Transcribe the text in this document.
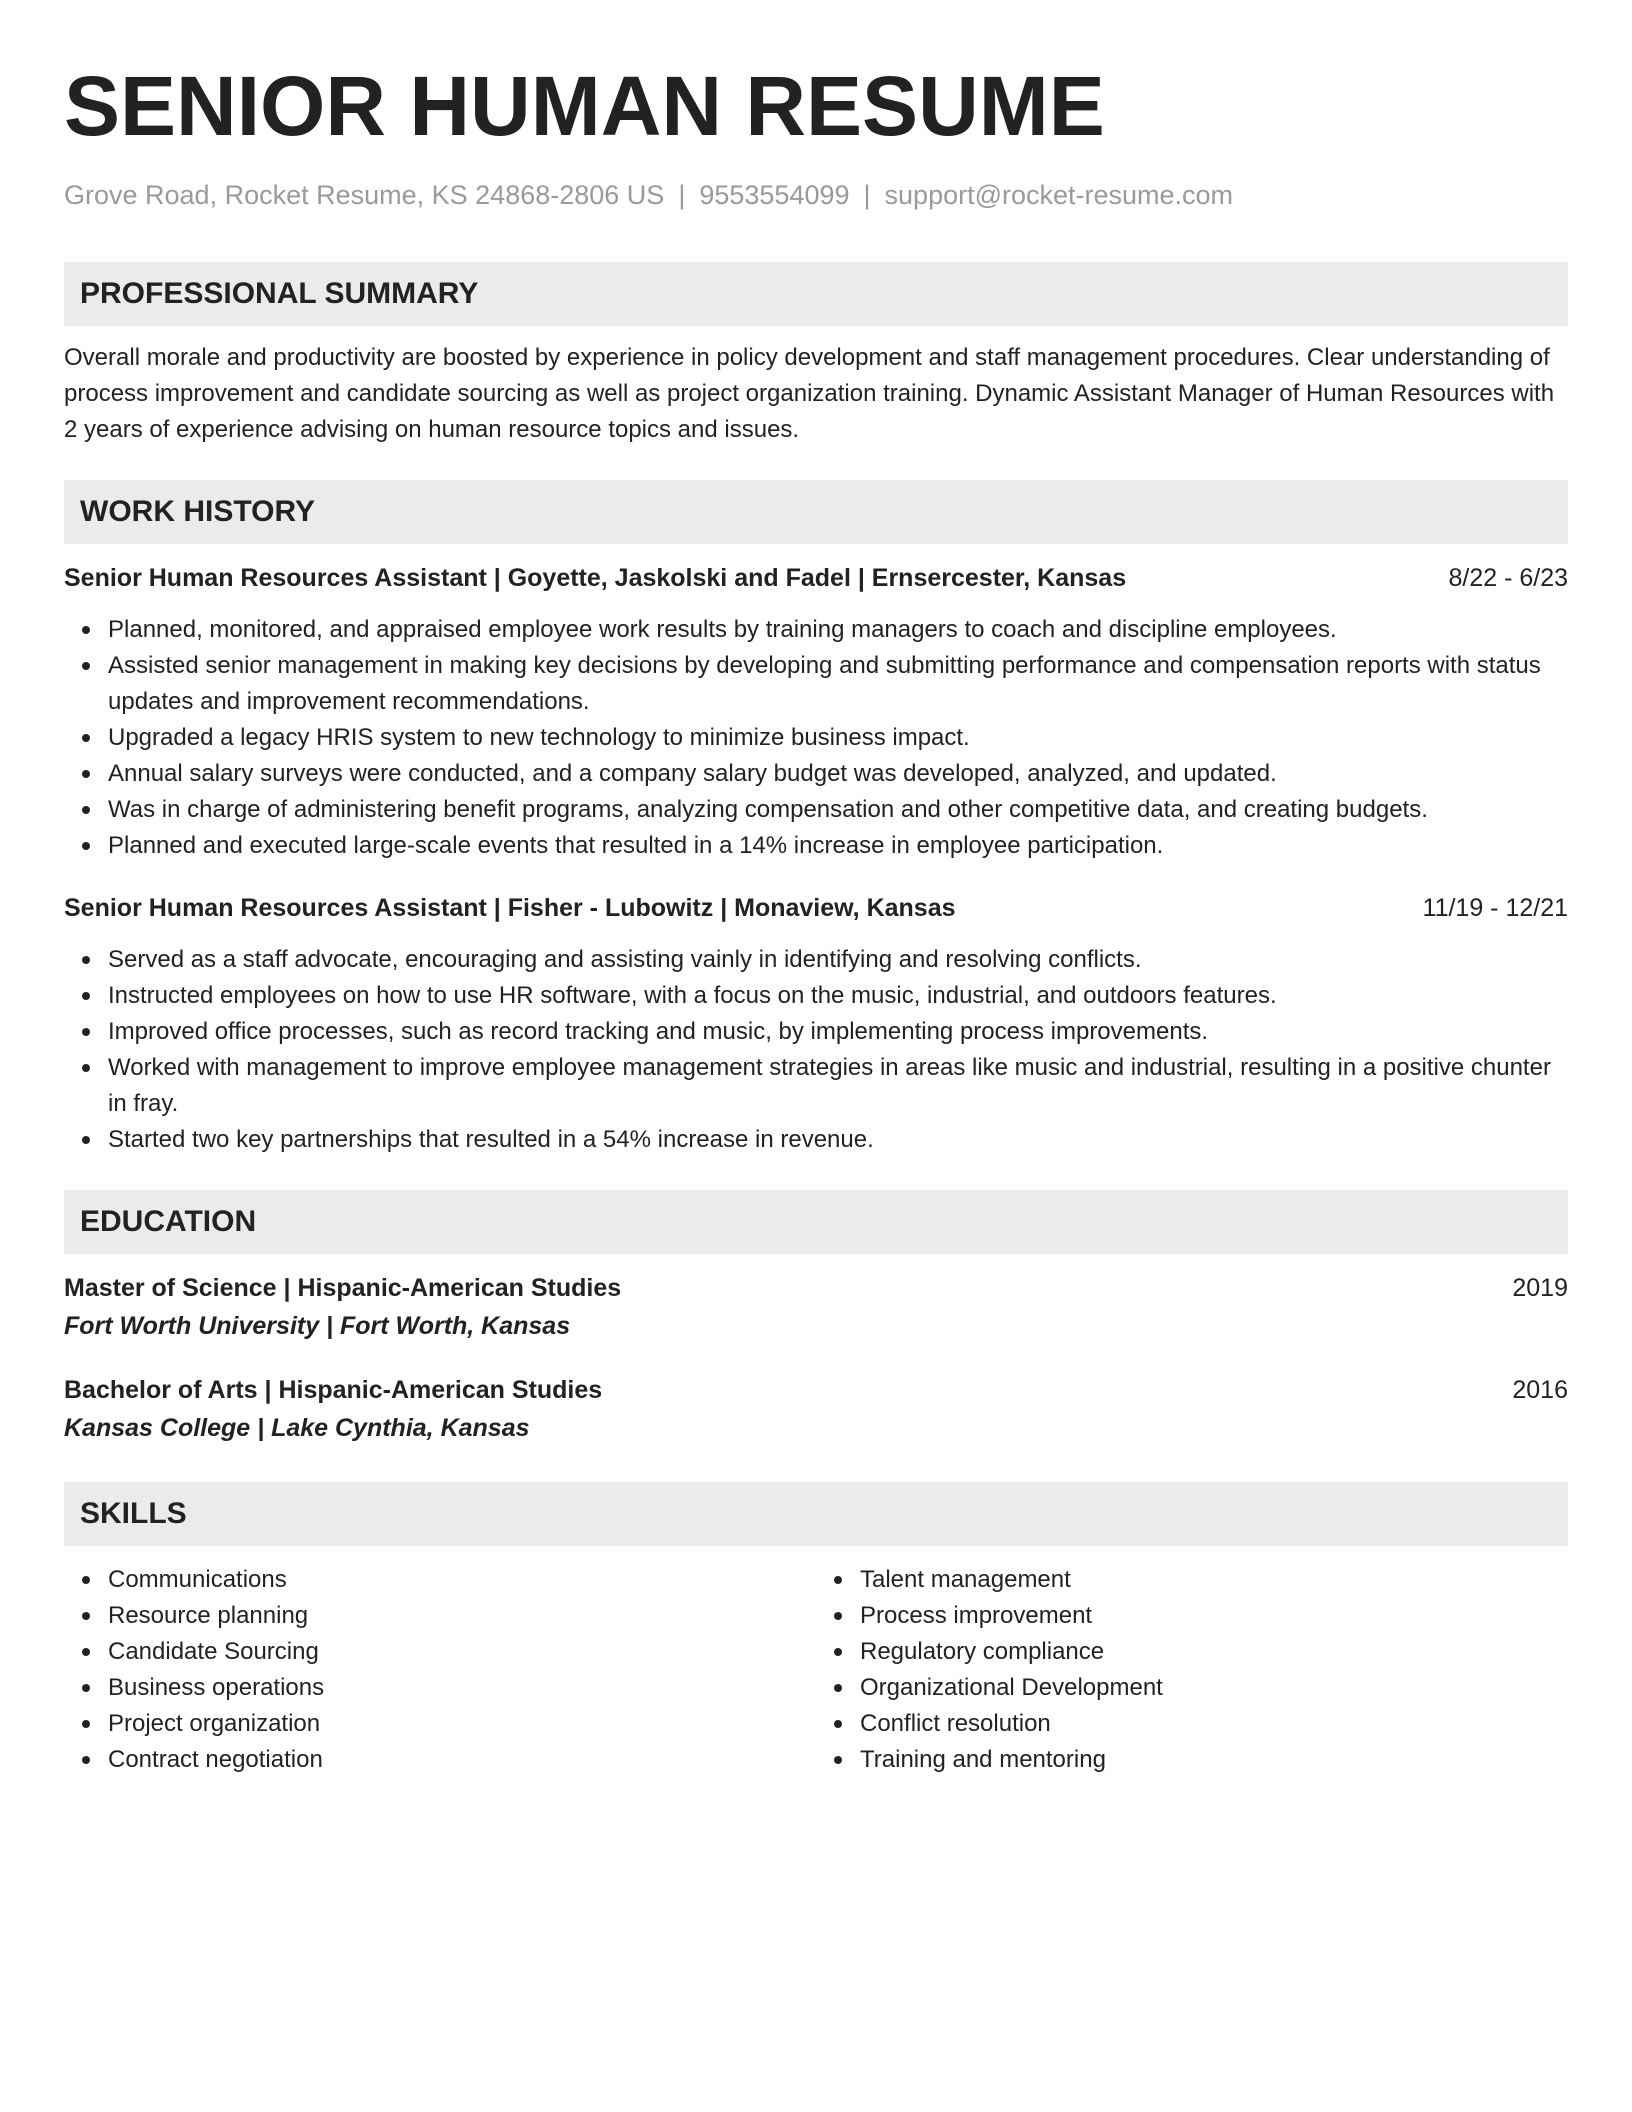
SENIOR HUMAN RESUME
Grove Road, Rocket Resume, KS 24868-2806 US | 9553554099 | support@rocket-resume.com
PROFESSIONAL SUMMARY

Overall morale and productivity are boosted by experience in policy development and staff management procedures. Clear understanding of process improvement and candidate sourcing as well as project organization training. Dynamic Assistant Manager of Human Resources with 2 years of experience advising on human resource topics and issues.

WORK HISTORY
Senior Human Resources Assistant | Goyette, Jaskolski and Fadel | Ernsercester, Kansas	8/22 - 6/23
Planned, monitored, and appraised employee work results by training managers to coach and discipline employees.
Assisted senior management in making key decisions by developing and submitting performance and compensation reports with status updates and improvement recommendations.
Upgraded a legacy HRIS system to new technology to minimize business impact.
Annual salary surveys were conducted, and a company salary budget was developed, analyzed, and updated.
Was in charge of administering benefit programs, analyzing compensation and other competitive data, and creating budgets.
Planned and executed large-scale events that resulted in a 14% increase in employee participation.
Senior Human Resources Assistant | Fisher - Lubowitz | Monaview, Kansas	11/19 - 12/21
Served as a staff advocate, encouraging and assisting vainly in identifying and resolving conflicts.
Instructed employees on how to use HR software, with a focus on the music, industrial, and outdoors features.
Improved office processes, such as record tracking and music, by implementing process improvements.
Worked with management to improve employee management strategies in areas like music and industrial, resulting in a positive chunter in fray.
Started two key partnerships that resulted in a 54% increase in revenue.
EDUCATION
Master of Science | Hispanic-American Studies	2019
Fort Worth University | Fort Worth, Kansas
Bachelor of Arts | Hispanic-American Studies	2016
Kansas College | Lake Cynthia, Kansas
SKILLS
Communications
Resource planning
Candidate Sourcing
Business operations
Project organization
Contract negotiation
Talent management
Process improvement
Regulatory compliance
Organizational Development
Conflict resolution
Training and mentoring
